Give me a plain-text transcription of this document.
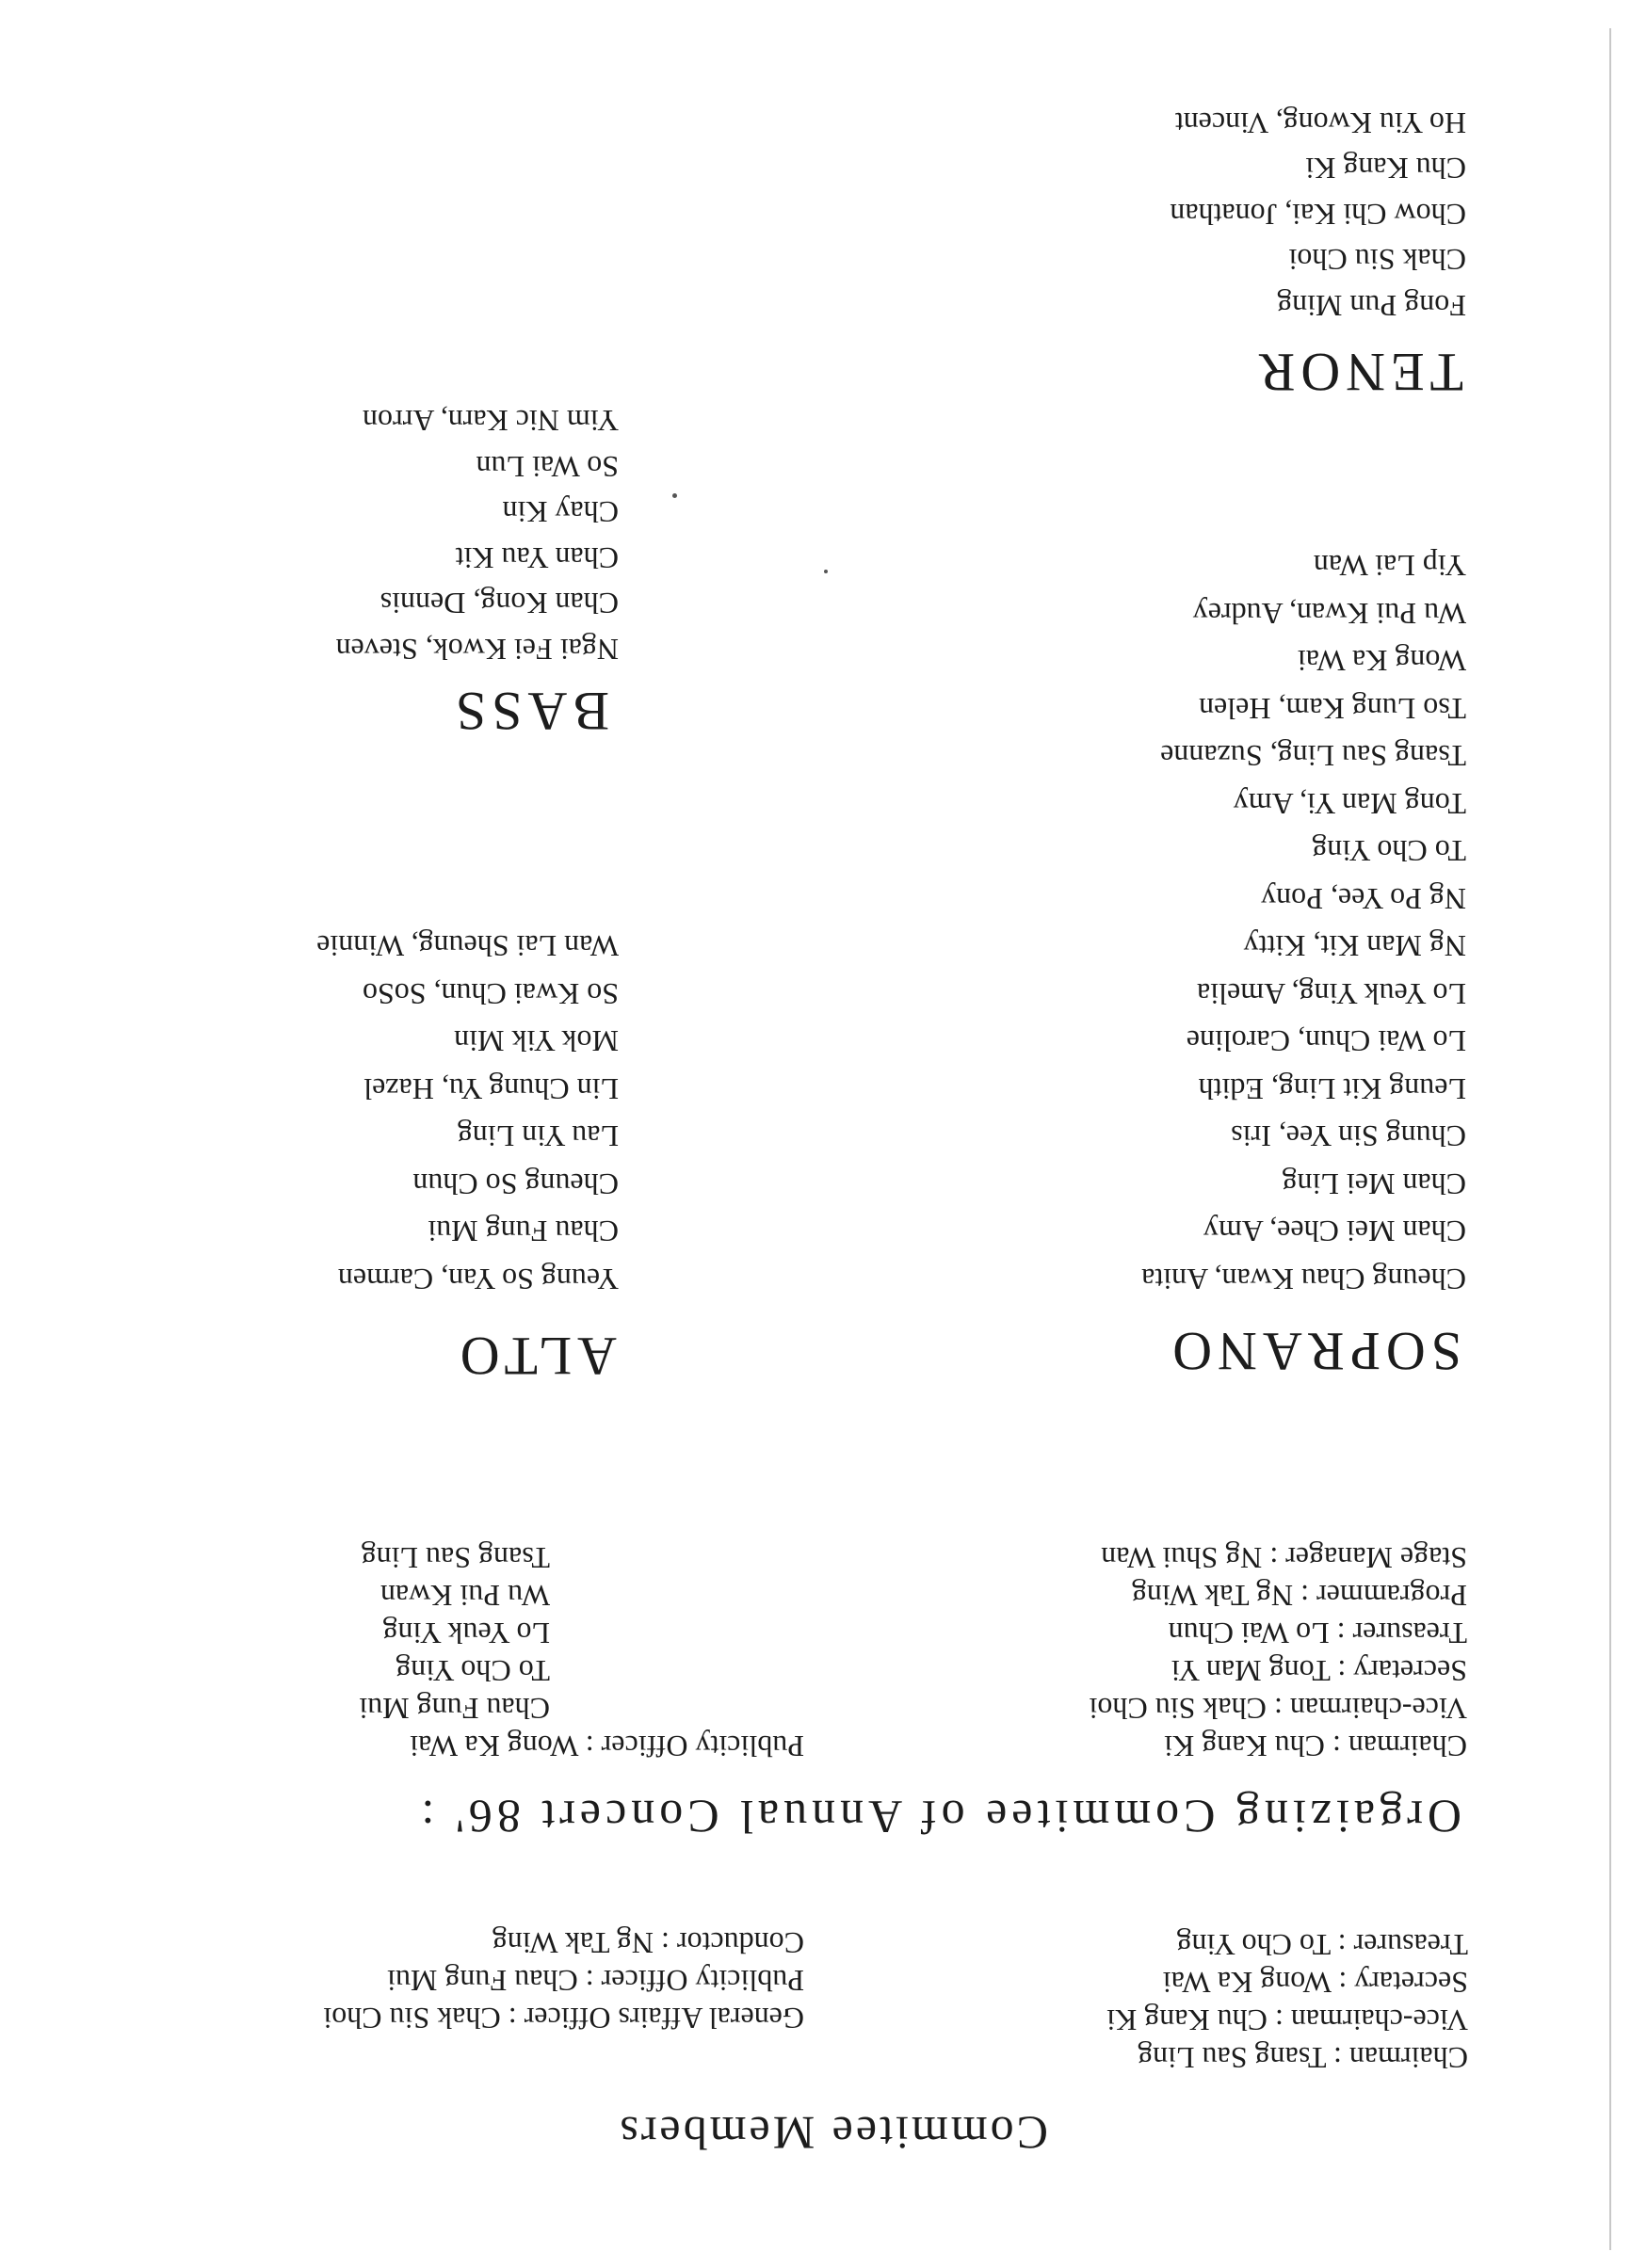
Commitee Members
Chairman : Tsang Sau Ling
Vice-chairman : Chu Kang Ki
Secretary : Wong Ka Wai
Treasurer : To Cho Ying
General Affairs Officer : Chak Siu Choi
Publicity Officer : Chau Fung Mui
Conductor : Ng Tak Wing
Orgaizing Commitee of Annual Concert 86' :
Chairman : Chu Kang Ki
Vice-chairman : Chak Siu Choi
Secretary : Tong Man Yi
Treasurer : Lo Wai Chun
Programmer : Ng Tak Wing
Stage Manager : Ng Shui Wan
Publicity Officer : Wong Ka Wai
Chau Fung Mui
To Cho Ying
Lo Yeuk Ying
Wu Pui Kwan
Tsang Sau Ling
SOPRANO
Cheung Chau Kwan, Anita
Chan Mei Chee, Amy
Chan Mei Ling
Chung Sin Yee, Iris
Leung Kit Ling, Edith
Lo Wai Chun, Caroline
Lo Yeuk Ying, Amelia
Ng Man Kit, Kitty
Ng Po Yee, Pony
To Cho Ying
Tong Man Yi, Amy
Tsang Sau Ling, Suzanne
Tso Lung Kam, Helen
Wong Ka Wai
Wu Pui Kwan, Audrey
Yip Lai Wan
ALTO
Yeung So Yan, Carmen
Chau Fung Mui
Cheung So Chun
Lau Yin Ling
Lin Chung Yu, Hazel
Mok Yik Min
So Kwai Chun, SoSo
Wan Lai Sheung, Winnie
BASS
Ngai Fei Kwok, Steven
Chan Kong, Dennis
Chan Yau Kit
Chay Kin
So Wai Lun
Yim Nic Karn, Arron
TENOR
Fong Pun Ming
Chak Siu Choi
Chow Chi Kai, Jonathan
Chu Kang Ki
Ho Yiu Kwong, Vincent
